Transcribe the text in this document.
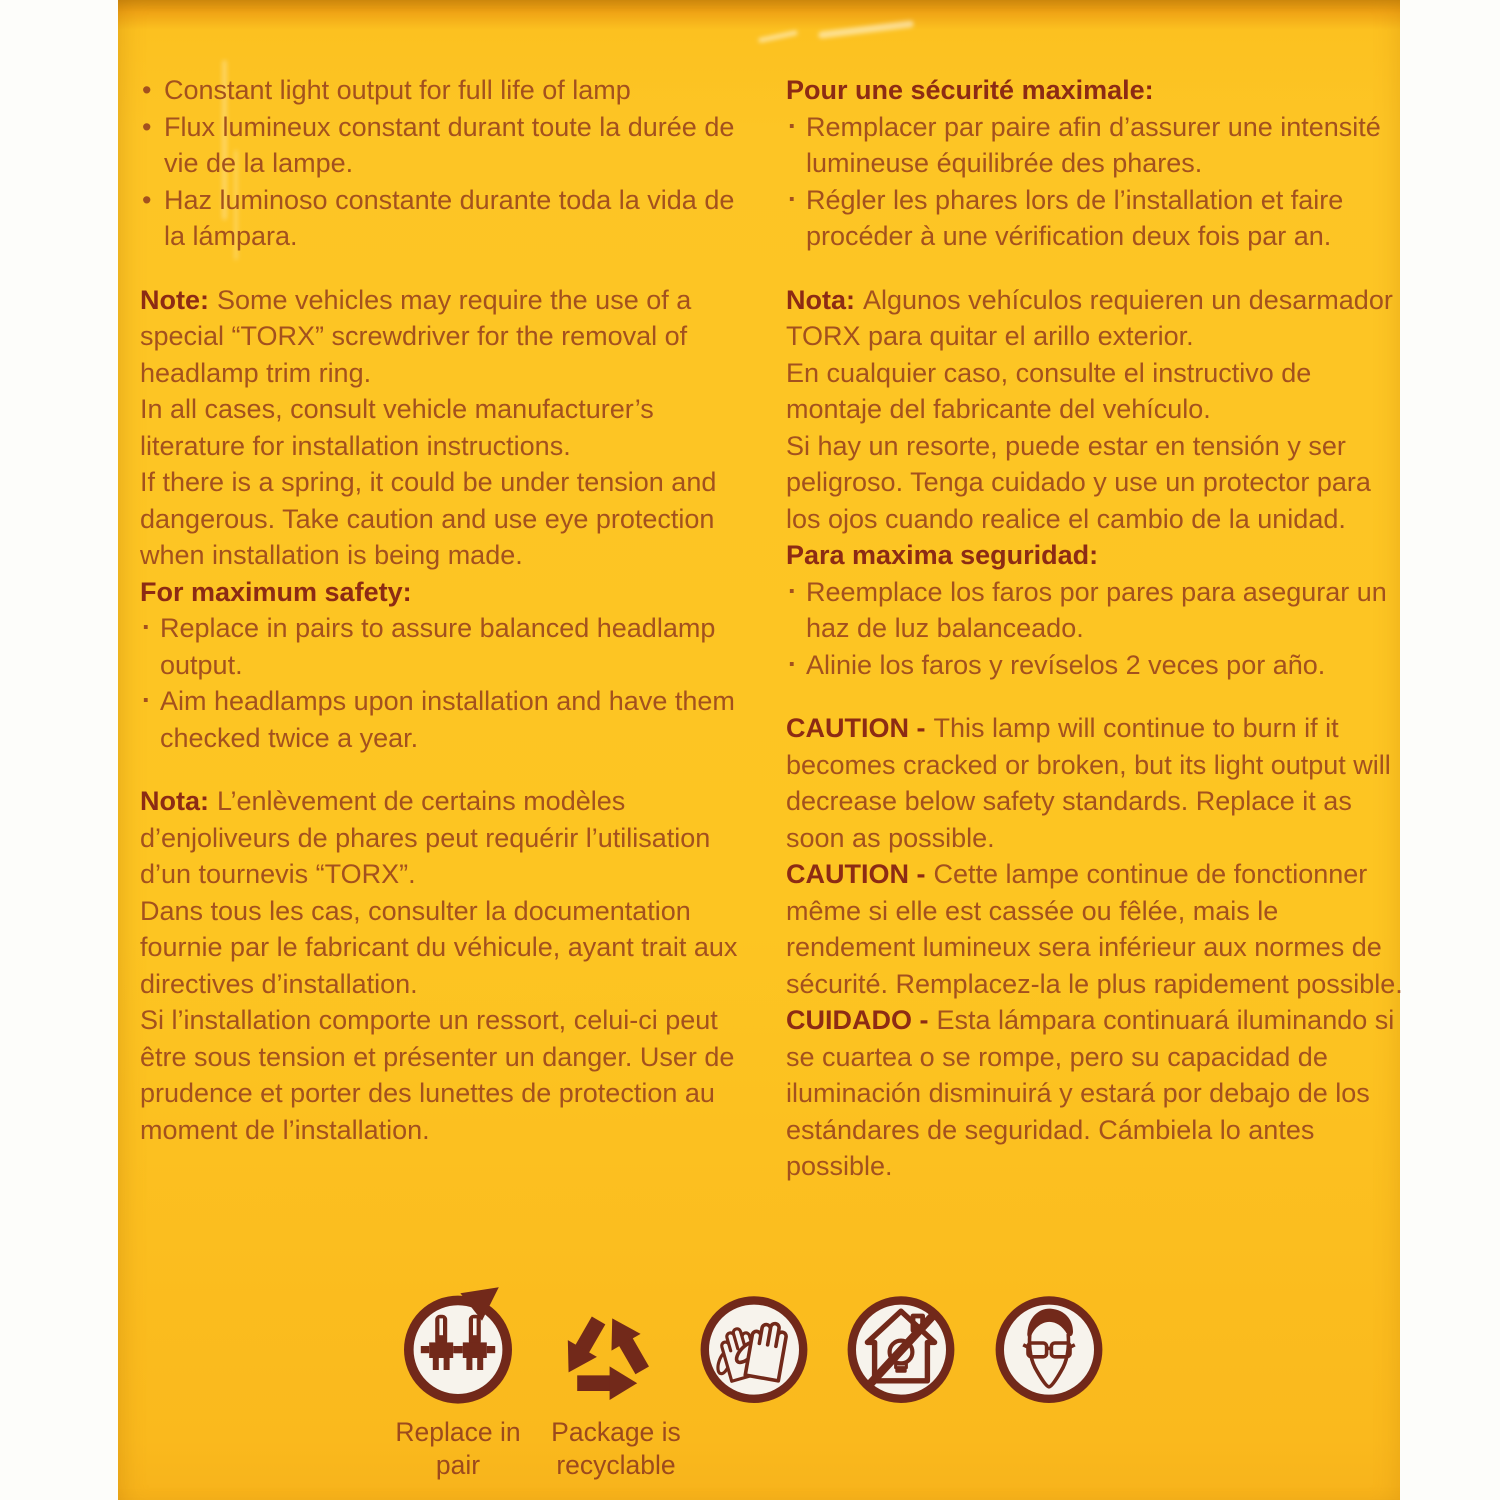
• Constant light output for full life of lamp
• Flux lumineux constant durant toute la durée de vie de la lampe.
• Haz luminoso constante durante toda la vida de la lámpara.

Note: Some vehicles may require the use of a special “TORX” screwdriver for the removal of headlamp trim ring.

In all cases, consult vehicle manufacturer’s literature for installation instructions.

If there is a spring, it could be under tension and dangerous. Take caution and use eye protection when installation is being made.

For maximum safety:
· Replace in pairs to assure balanced headlamp output.
· Aim headlamps upon installation and have them checked twice a year.

Nota: L’enlèvement de certains modèles d’enjoliveurs de phares peut requérir l’utilisation d’un tournevis “TORX”.

Dans tous les cas, consulter la documentation fournie par le fabricant du véhicule, ayant trait aux directives d’installation.

Si l’installation comporte un ressort, celui-ci peut être sous tension et présenter un danger. User de prudence et porter des lunettes de protection au moment de l’installation.

Pour une sécurité maximale:
· Remplacer par paire afin d’assurer une intensité lumineuse équilibrée des phares.
· Régler les phares lors de l’installation et faire procéder à une vérification deux fois par an.

Nota: Algunos vehículos requieren un desarmador TORX para quitar el arillo exterior.

En cualquier caso, consulte el instructivo de montaje del fabricante del vehículo.

Si hay un resorte, puede estar en tensión y ser peligroso. Tenga cuidado y use un protector para los ojos cuando realice el cambio de la unidad.

Para maxima seguridad:
· Reemplace los faros por pares para asegurar un haz de luz balanceado.
· Alinie los faros y revíselos 2 veces por año.

CAUTION - This lamp will continue to burn if it becomes cracked or broken, but its light output will decrease below safety standards. Replace it as soon as possible.

CAUTION - Cette lampe continue de fonctionner même si elle est cassée ou fêlée, mais le rendement lumineux sera inférieur aux normes de sécurité. Remplacez-la le plus rapidement possible.

CUIDADO - Esta lámpara continuará iluminando si se cuartea o se rompe, pero su capacidad de iluminación disminuirá y estará por debajo de los estándares de seguridad. Cámbiela lo antes possible.

Replace in pair
Package is recyclable
